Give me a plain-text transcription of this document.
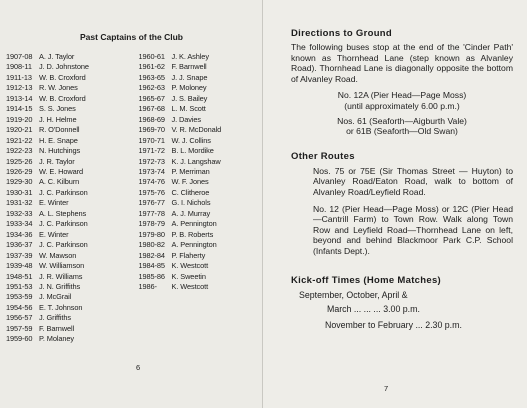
Past Captains of the Club
1907-08 A. J. Taylor
1908-11 J. D. Johnstone
1911-13 W. B. Croxford
1912-13 R. W. Jones
1913-14 W. B. Croxford
1914-15 S. S. Jones
1919-20 J. H. Helme
1920-21 R. O'Donnell
1921-22 H. E. Snape
1922-23 N. Hutchings
1925-26 J. R. Taylor
1926-29 W. E. Howard
1929-30 A. C. Kilburn
1930-31 J. C. Parkinson
1931-32 E. Winter
1932-33 A. L. Stephens
1933-34 J. C. Parkinson
1934-36 E. Winter
1936-37 J. C. Parkinson
1937-39 W. Mawson
1939-48 W. Williamson
1948-51 J. R. Williams
1951-53 J. N. Griffiths
1953-59 J. McGrail
1954-56 E. T. Johnson
1956-57 J. Griffiths
1957-59 F. Barnwell
1959-60 P. Molaney
1960-61 J. K. Ashley
1961-62 F. Barnwell
1963-65 J. J. Snape
1962-63 P. Moloney
1965-67 J. S. Bailey
1967-68 L. M. Scott
1968-69 J. Davies
1969-70 V. R. McDonald
1970-71 W. J. Collins
1971-72 B. L. Mordike
1972-73 K. J. Langshaw
1973-74 P. Merriman
1974-76 W. F. Jones
1975-76 C. Clitheroe
1976-77 G. I. Nichols
1977-78 A. J. Murray
1978-79 A. Pennington
1979-80 P. B. Roberts
1980-82 A. Pennington
1982-84 P. Flaherty
1984-85 K. Westcott
1985-86 K. Sweetin
1986- K. Westcott
6
Directions to Ground

The following buses stop at the end of the 'Cinder Path' known as Thornhead Lane (step known as Alvanley Road). Thornhead Lane is diagonally opposite the bottom of Alvanley Road.

No. 12A (Pier Head—Page Moss)
(until approximately 6.00 p.m.)
Nos. 61 (Seaforth—Aigburth Vale)
or 61B (Seaforth—Old Swan)
Other Routes

Nos. 75 or 75E (Sir Thomas Street — Huyton) to Alvanley Road/Eaton Road, walk to bottom of Alvanley Road/Leyfield Road.

No. 12 (Pier Head—Page Moss) or 12C (Pier Head—Cantrill Farm) to Town Row. Walk along Town Row and Leyfield Road—Thornhead Lane on left, beyond and behind Blackmoor Park C.P. School (Infants Dept.).

Kick-off Times (Home Matches)
September, October, April &
March ... ... ... 3.00 p.m.
November to February ... 2.30 p.m.
7
